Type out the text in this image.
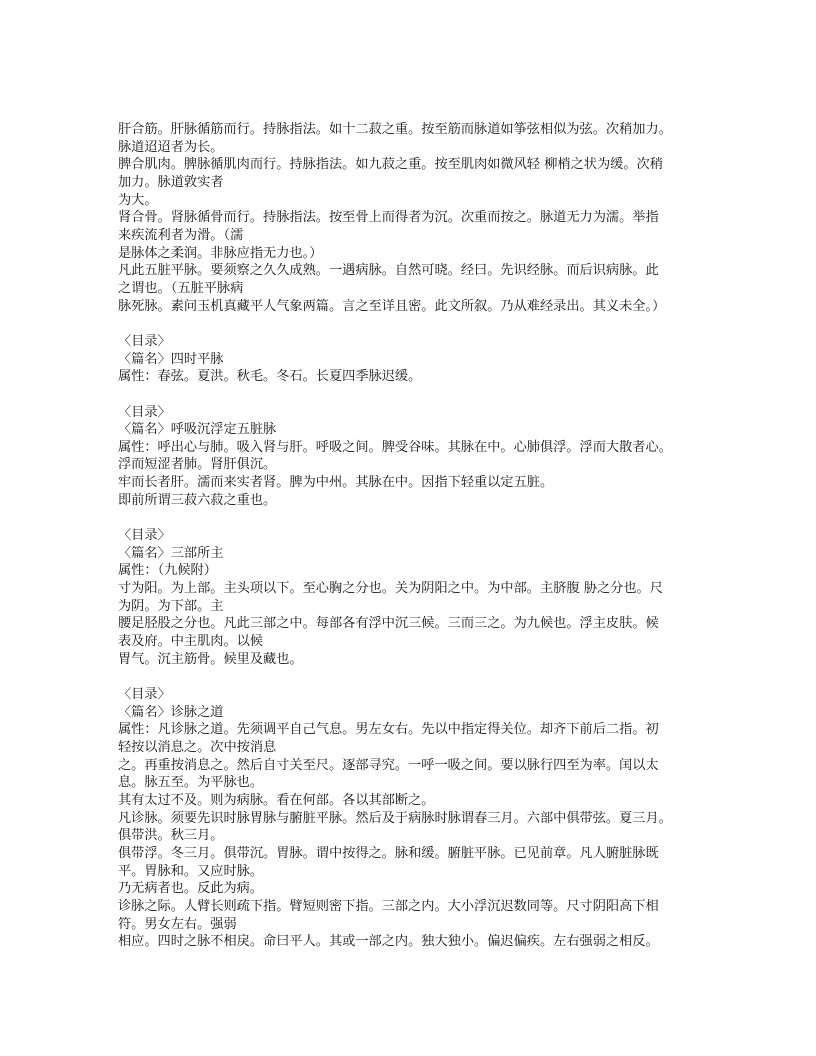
肝合筋。肝脉循筋而行。持脉指法。如十二菽之重。按至筋而脉道如筝弦相似为弦。次稍加力。
脉道迢迢者为长。
脾合肌肉。脾脉循肌肉而行。持脉指法。如九菽之重。按至肌肉如微风轻 柳梢之状为缓。次稍
加力。脉道敦实者
为大。
肾合骨。肾脉循骨而行。持脉指法。按至骨上而得者为沉。次重而按之。脉道无力为濡。举指
来疾流利者为滑。（濡
是脉体之柔润。非脉应指无力也。）
凡此五脏平脉。要须察之久久成熟。一遇病脉。自然可晓。经曰。先识经脉。而后识病脉。此
之谓也。（五脏平脉病
脉死脉。素问玉机真藏平人气象两篇。言之至详且密。此文所叙。乃从难经录出。其义未全。）
〈目录〉
〈篇名〉四时平脉
属性：春弦。夏洪。秋毛。冬石。长夏四季脉迟缓。
〈目录〉
〈篇名〉呼吸沉浮定五脏脉
属性：呼出心与肺。吸入肾与肝。呼吸之间。脾受谷味。其脉在中。心肺俱浮。浮而大散者心。
浮而短涩者肺。肾肝俱沉。
牢而长者肝。濡而来实者肾。脾为中州。其脉在中。因指下轻重以定五脏。
即前所谓三菽六菽之重也。
〈目录〉
〈篇名〉三部所主
属性：（九候附）
寸为阳。为上部。主头项以下。至心胸之分也。关为阴阳之中。为中部。主脐腹 胁之分也。尺
为阴。为下部。主
腰足胫股之分也。凡此三部之中。每部各有浮中沉三候。三而三之。为九候也。浮主皮肤。候
表及府。中主肌肉。以候
胃气。沉主筋骨。候里及藏也。
〈目录〉
〈篇名〉诊脉之道
属性：凡诊脉之道。先须调平自己气息。男左女右。先以中指定得关位。却齐下前后二指。初
轻按以消息之。次中按消息
之。再重按消息之。然后自寸关至尺。逐部寻究。一呼一吸之间。要以脉行四至为率。闰以太
息。脉五至。为平脉也。
其有太过不及。则为病脉。看在何部。各以其部断之。
凡诊脉。须要先识时脉胃脉与腑脏平脉。然后及于病脉时脉谓春三月。六部中俱带弦。夏三月。
俱带洪。秋三月。
俱带浮。冬三月。俱带沉。胃脉。谓中按得之。脉和缓。腑脏平脉。已见前章。凡人腑脏脉既
平。胃脉和。又应时脉。
乃无病者也。反此为病。
诊脉之际。人臂长则疏下指。臂短则密下指。三部之内。大小浮沉迟数同等。尺寸阴阳高下相
符。男女左右。强弱
相应。四时之脉不相戾。命曰平人。其或一部之内。独大独小。偏迟偏疾。左右强弱之相反。
